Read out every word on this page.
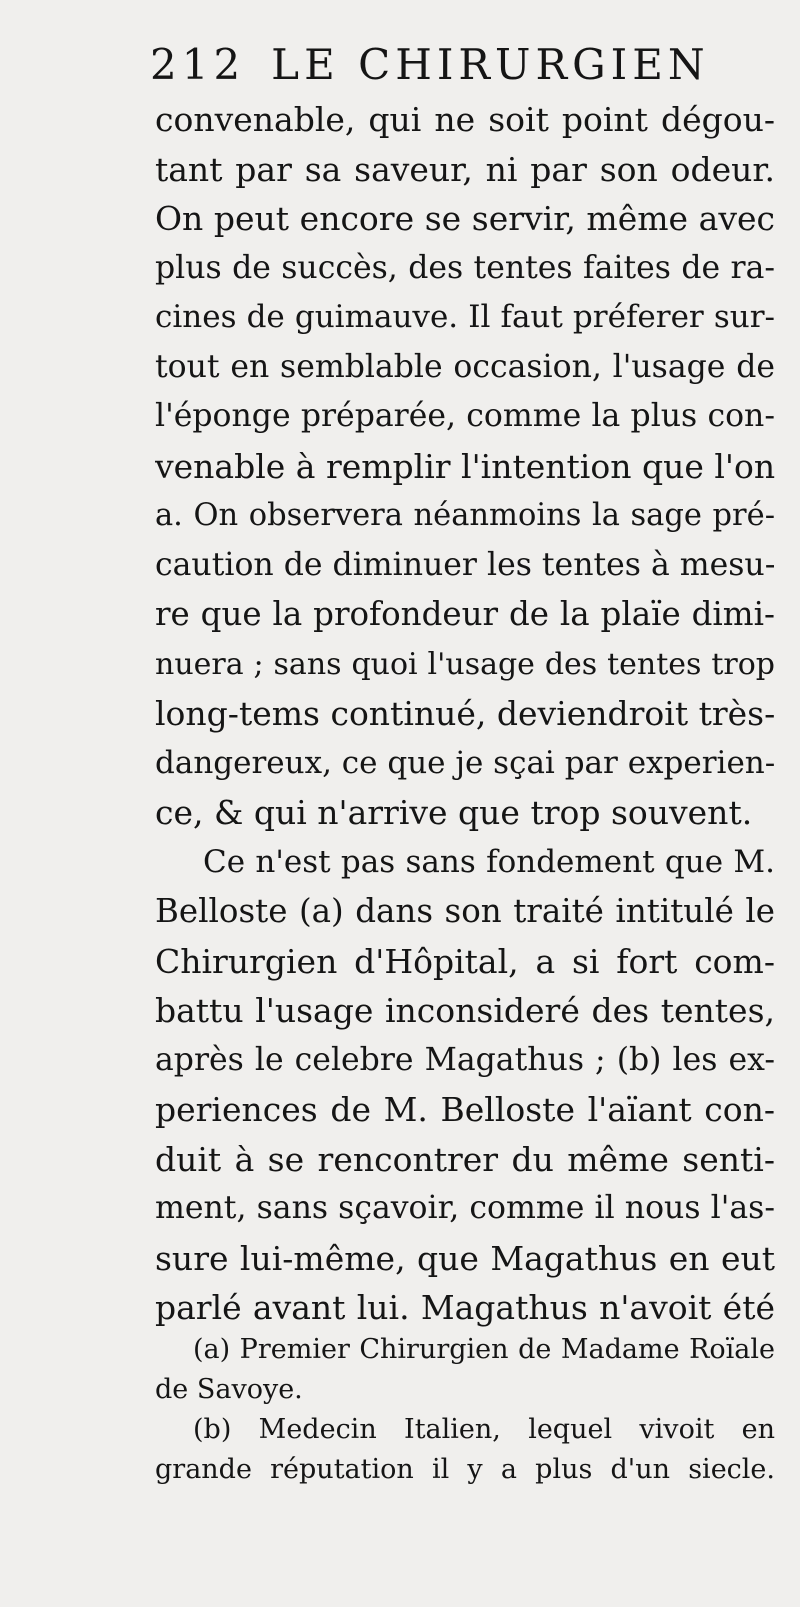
212 LE CHIRURGIEN
convenable, qui ne soit point dégou-
tant par sa saveur, ni par son odeur.
On peut encore se servir, même avec
plus de succès, des tentes faites de ra-
cines de guimauve. Il faut préferer sur-
tout en semblable occasion, l'usage de
l'éponge préparée, comme la plus con-
venable à remplir l'intention que l'on
a. On observera néanmoins la sage pré-
caution de diminuer les tentes à mesu-
re que la profondeur de la plaïe dimi-
nuera ; sans quoi l'usage des tentes trop
long-tems continué, deviendroit très-
dangereux, ce que je sçai par experien-
ce, & qui n'arrive que trop souvent.
Ce n'est pas sans fondement que M.
Belloste (a) dans son traité intitulé le
Chirurgien d'Hôpital, a si fort com-
battu l'usage inconsideré des tentes,
après le celebre Magathus ; (b) les ex-
periences de M. Belloste l'aïant con-
duit à se rencontrer du même senti-
ment, sans sçavoir, comme il nous l'as-
sure lui-même, que Magathus en eut
parlé avant lui. Magathus n'avoit été
(a) Premier Chirurgien de Madame Roïale
de Savoye.
(b) Medecin Italien, lequel vivoit en
grande réputation il y a plus d'un siecle.
